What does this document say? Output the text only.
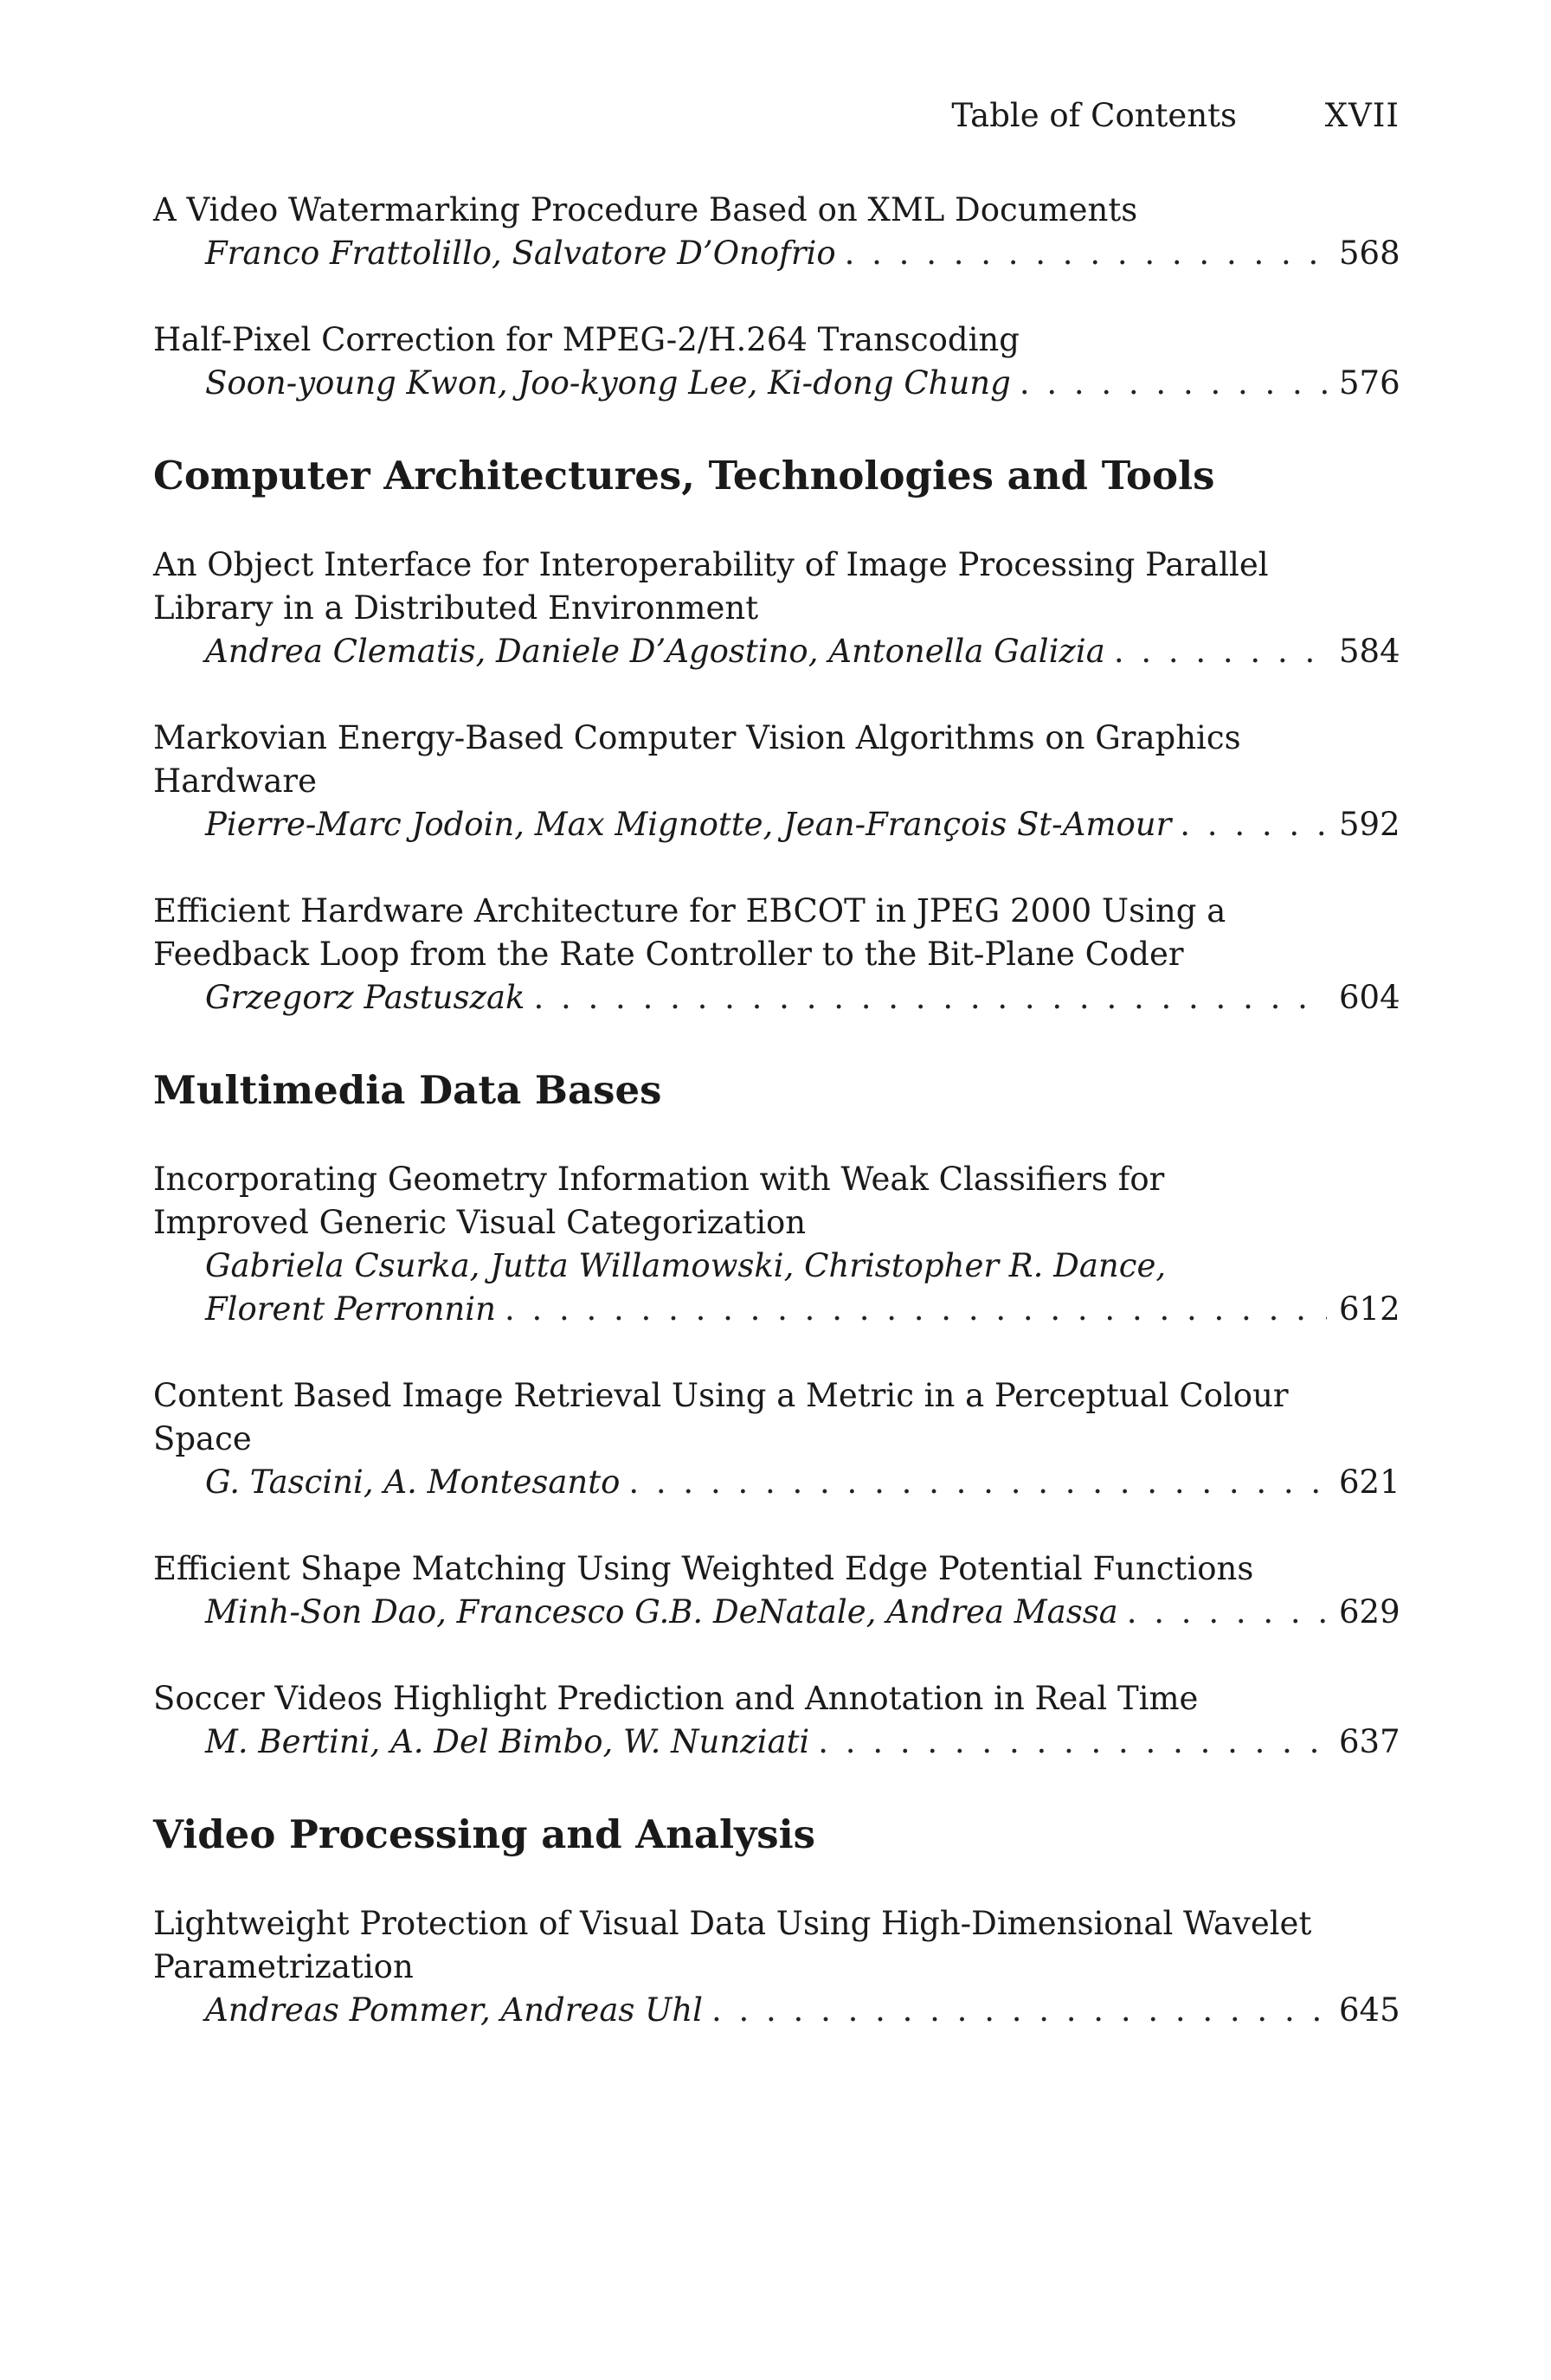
Table of Contents	XVII
A Video Watermarking Procedure Based on XML Documents
Franco Frattolillo, Salvatore D’Onofrio . . .	568
Half-Pixel Correction for MPEG-2/H.264 Transcoding
Soon-young Kwon, Joo-kyong Lee, Ki-dong Chung . . .	576
Computer Architectures, Technologies and Tools
An Object Interface for Interoperability of Image Processing Parallel
Library in a Distributed Environment
Andrea Clematis, Daniele D’Agostino, Antonella Galizia . . .	584
Markovian Energy-Based Computer Vision Algorithms on Graphics
Hardware
Pierre-Marc Jodoin, Max Mignotte, Jean-François St-Amour . . .	592
Efficient Hardware Architecture for EBCOT in JPEG 2000 Using a
Feedback Loop from the Rate Controller to the Bit-Plane Coder
Grzegorz Pastuszak . . .	604
Multimedia Data Bases
Incorporating Geometry Information with Weak Classifiers for
Improved Generic Visual Categorization
Gabriela Csurka, Jutta Willamowski, Christopher R. Dance,
Florent Perronnin . . .	612
Content Based Image Retrieval Using a Metric in a Perceptual Colour
Space
G. Tascini, A. Montesanto . . .	621
Efficient Shape Matching Using Weighted Edge Potential Functions
Minh-Son Dao, Francesco G.B. DeNatale, Andrea Massa . . .	629
Soccer Videos Highlight Prediction and Annotation in Real Time
M. Bertini, A. Del Bimbo, W. Nunziati . . .	637
Video Processing and Analysis
Lightweight Protection of Visual Data Using High-Dimensional Wavelet
Parametrization
Andreas Pommer, Andreas Uhl . . .	645
